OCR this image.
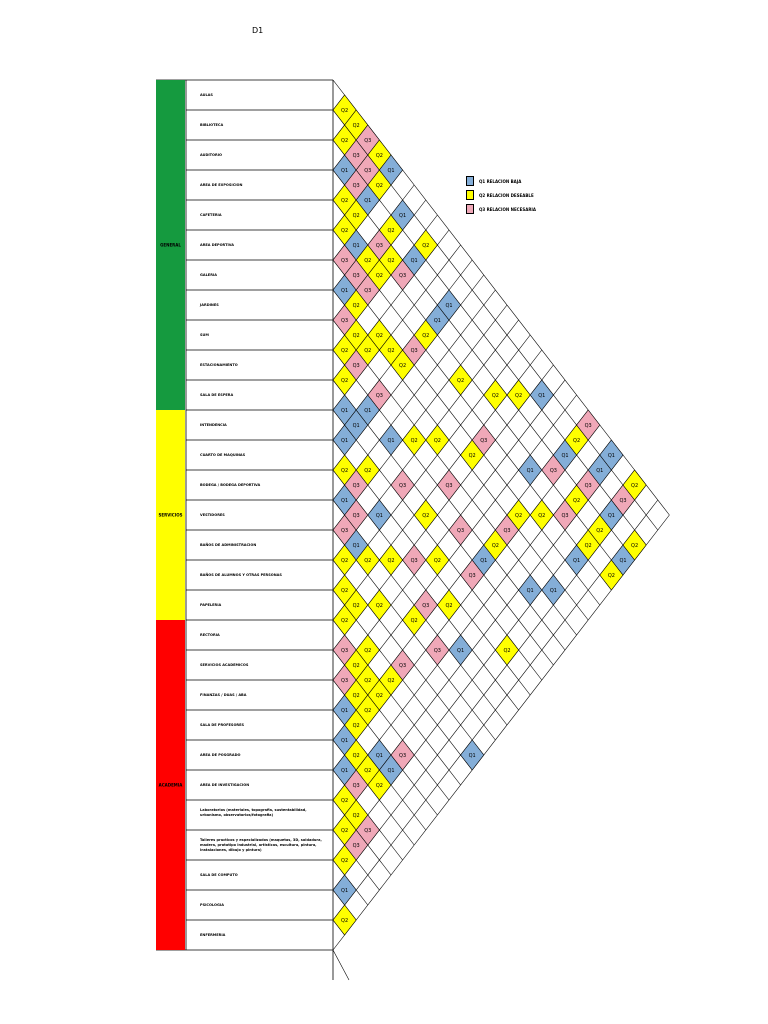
D1
Q1 RELACION BAJA
Q2 RELACION DESEABLE
Q3 RELACION NECESARIA
Q2
Q2
Q1
Q2
Q2
Q3
Q1
Q3
Q2
Q2
Q1
Q1
Q2
Q1
Q3
Q2
Q2
Q2
Q3
Q3
Q1
Q1
Q1
Q2
Q2
Q2
Q1
Q2
Q2
Q3
Q3
Q2
Q1
Q3
Q2
Q2
Q3
Q1
Q3
Q3
Q1
Q2
Q2
Q2
Q2
Q2
Q3
Q2
Q3
Q3
Q3
Q1
Q2
Q3
Q2
Q1
Q2
Q2
Q2
Q2
Q2
Q2
Q3
Q2
Q2
Q3
Q2
Q2
Q3
Q1
Q2
Q2
Q1
Q2
Q1
Q2
Q2
Q2
Q1
Q2
Q2
Q1
Q1
Q3
Q2
Q3
Q3
Q3
Q1
Q3
Q2
Q3
Q2
Q2
Q2
Q2
Q3
Q1
Q2
Q2
Q3
Q1
Q3
Q2
Q2
Q3
Q1
Q2
Q3
Q1
Q3
Q1
Q2
Q2
Q3
Q2
Q2
Q2
Q1
Q1
Q1
Q2
Q3
Q1
Q1
Q3
Q2
Q2
Q1
Q3
Q3
Q2
Q1
Q2
Q1
Q1
Q2
Q3
Q1
Q2
Q2
GENERAL
SERVICIOS
ACADEMIA
AULAS
BIBLIOTECA
AUDITORIO
AREA DE EXPOSICION
CAFETERIA
AREA DEPORTIVA
GALERIA
JARDINES
SUM
ESTACIONAMIENTO
SALA DE ESPERA
INTENDENCIA
CUARTO DE MAQUINAS
BODEGA / BODEGA DEPORTIVA
VESTIDORES
BAÑOS DE ADMINISTRACION
BAÑOS DE ALUMNOS Y OTRAS PERSONAS
PAPELERIA
RECTORIA
SERVICIOS ACADEMICOS
FINANZAS / DUAS / ABA
SALA DE PROFESORES
AREA DE POSGRADO
AREA DE INVESTIGACION
Laboratorios (materiales, topografia, sustentabilidad, urbanismo, observatorios/fotografia)
Talleres practicos y especializados (maquetas, 3D, soldadura, madera, prototipo industrial, artisticas, escultura, pintura, instalaciones, dibujo y pintura)
SALA DE COMPUTO
PSICOLOGIA
ENFERMERIA
